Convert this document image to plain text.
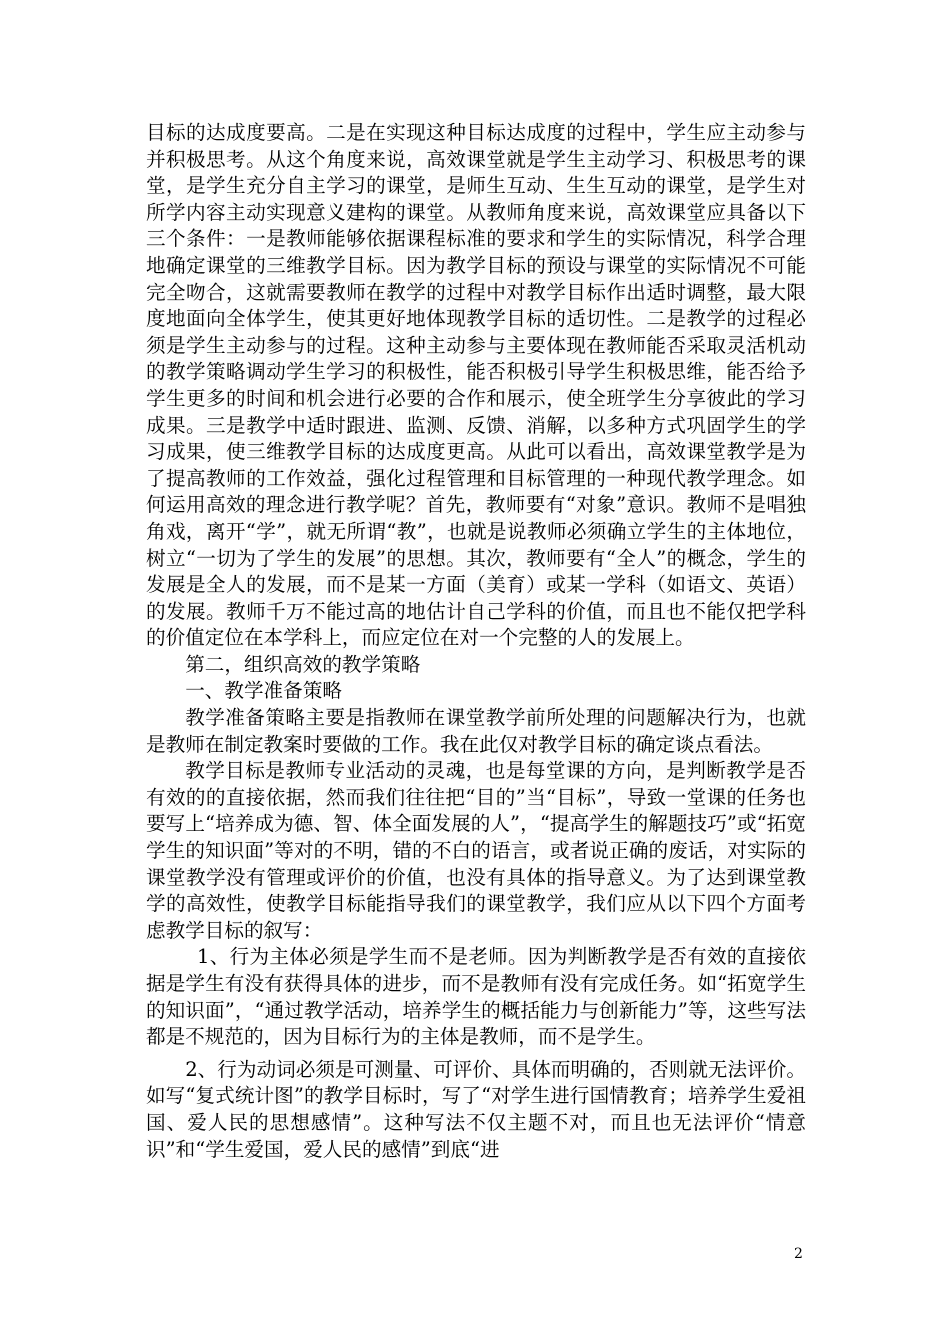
目标的达成度要高。二是在实现这种目标达成度的过程中，学生应主动参与并积极思考。从这个角度来说，高效课堂就是学生主动学习、积极思考的课堂，是学生充分自主学习的课堂，是师生互动、生生互动的课堂，是学生对所学内容主动实现意义建构的课堂。从教师角度来说，高效课堂应具备以下三个条件：一是教师能够依据课程标准的要求和学生的实际情况，科学合理地确定课堂的三维教学目标。因为教学目标的预设与课堂的实际情况不可能完全吻合，这就需要教师在教学的过程中对教学目标作出适时调整，最大限度地面向全体学生，使其更好地体现教学目标的适切性。二是教学的过程必须是学生主动参与的过程。这种主动参与主要体现在教师能否采取灵活机动的教学策略调动学生学习的积极性，能否积极引导学生积极思维，能否给予学生更多的时间和机会进行必要的合作和展示，使全班学生分享彼此的学习成果。三是教学中适时跟进、监测、反馈、消解，以多种方式巩固学生的学习成果，使三维教学目标的达成度更高。从此可以看出，高效课堂教学是为了提高教师的工作效益，强化过程管理和目标管理的一种现代教学理念。如何运用高效的理念进行教学呢？首先，教师要有“对象”意识。教师不是唱独角戏，离开“学”，就无所谓“教”，也就是说教师必须确立学生的主体地位，树立“一切为了学生的发展”的思想。其次，教师要有“全人”的概念，学生的发展是全人的发展，而不是某一方面（美育）或某一学科（如语文、英语）的发展。教师千万不能过高的地估计自己学科的价值，而且也不能仅把学科的价值定位在本学科上，而应定位在对一个完整的人的发展上。

第二，组织高效的教学策略

一、教学准备策略

教学准备策略主要是指教师在课堂教学前所处理的问题解决行为，也就是教师在制定教案时要做的工作。我在此仅对教学目标的确定谈点看法。

教学目标是教师专业活动的灵魂，也是每堂课的方向，是判断教学是否有效的的直接依据，然而我们往往把“目的”当“目标”，导致一堂课的任务也要写上“培养成为德、智、体全面发展的人”，“提高学生的解题技巧”或“拓宽学生的知识面”等对的不明，错的不白的语言，或者说正确的废话，对实际的课堂教学没有管理或评价的价值，也没有具体的指导意义。为了达到课堂教学的高效性，使教学目标能指导我们的课堂教学，我们应从以下四个方面考虑教学目标的叙写：

1、行为主体必须是学生而不是老师。因为判断教学是否有效的直接依据是学生有没有获得具体的进步，而不是教师有没有完成任务。如“拓宽学生的知识面”，“通过教学活动，培养学生的概括能力与创新能力”等，这些写法都是不规范的，因为目标行为的主体是教师，而不是学生。

2、行为动词必须是可测量、可评价、具体而明确的，否则就无法评价。如写“复式统计图”的教学目标时，写了“对学生进行国情教育；培养学生爱祖国、爱人民的思想感情”。这种写法不仅主题不对，而且也无法评价“情意识”和“学生爱国，爱人民的感情”到底“进

2
